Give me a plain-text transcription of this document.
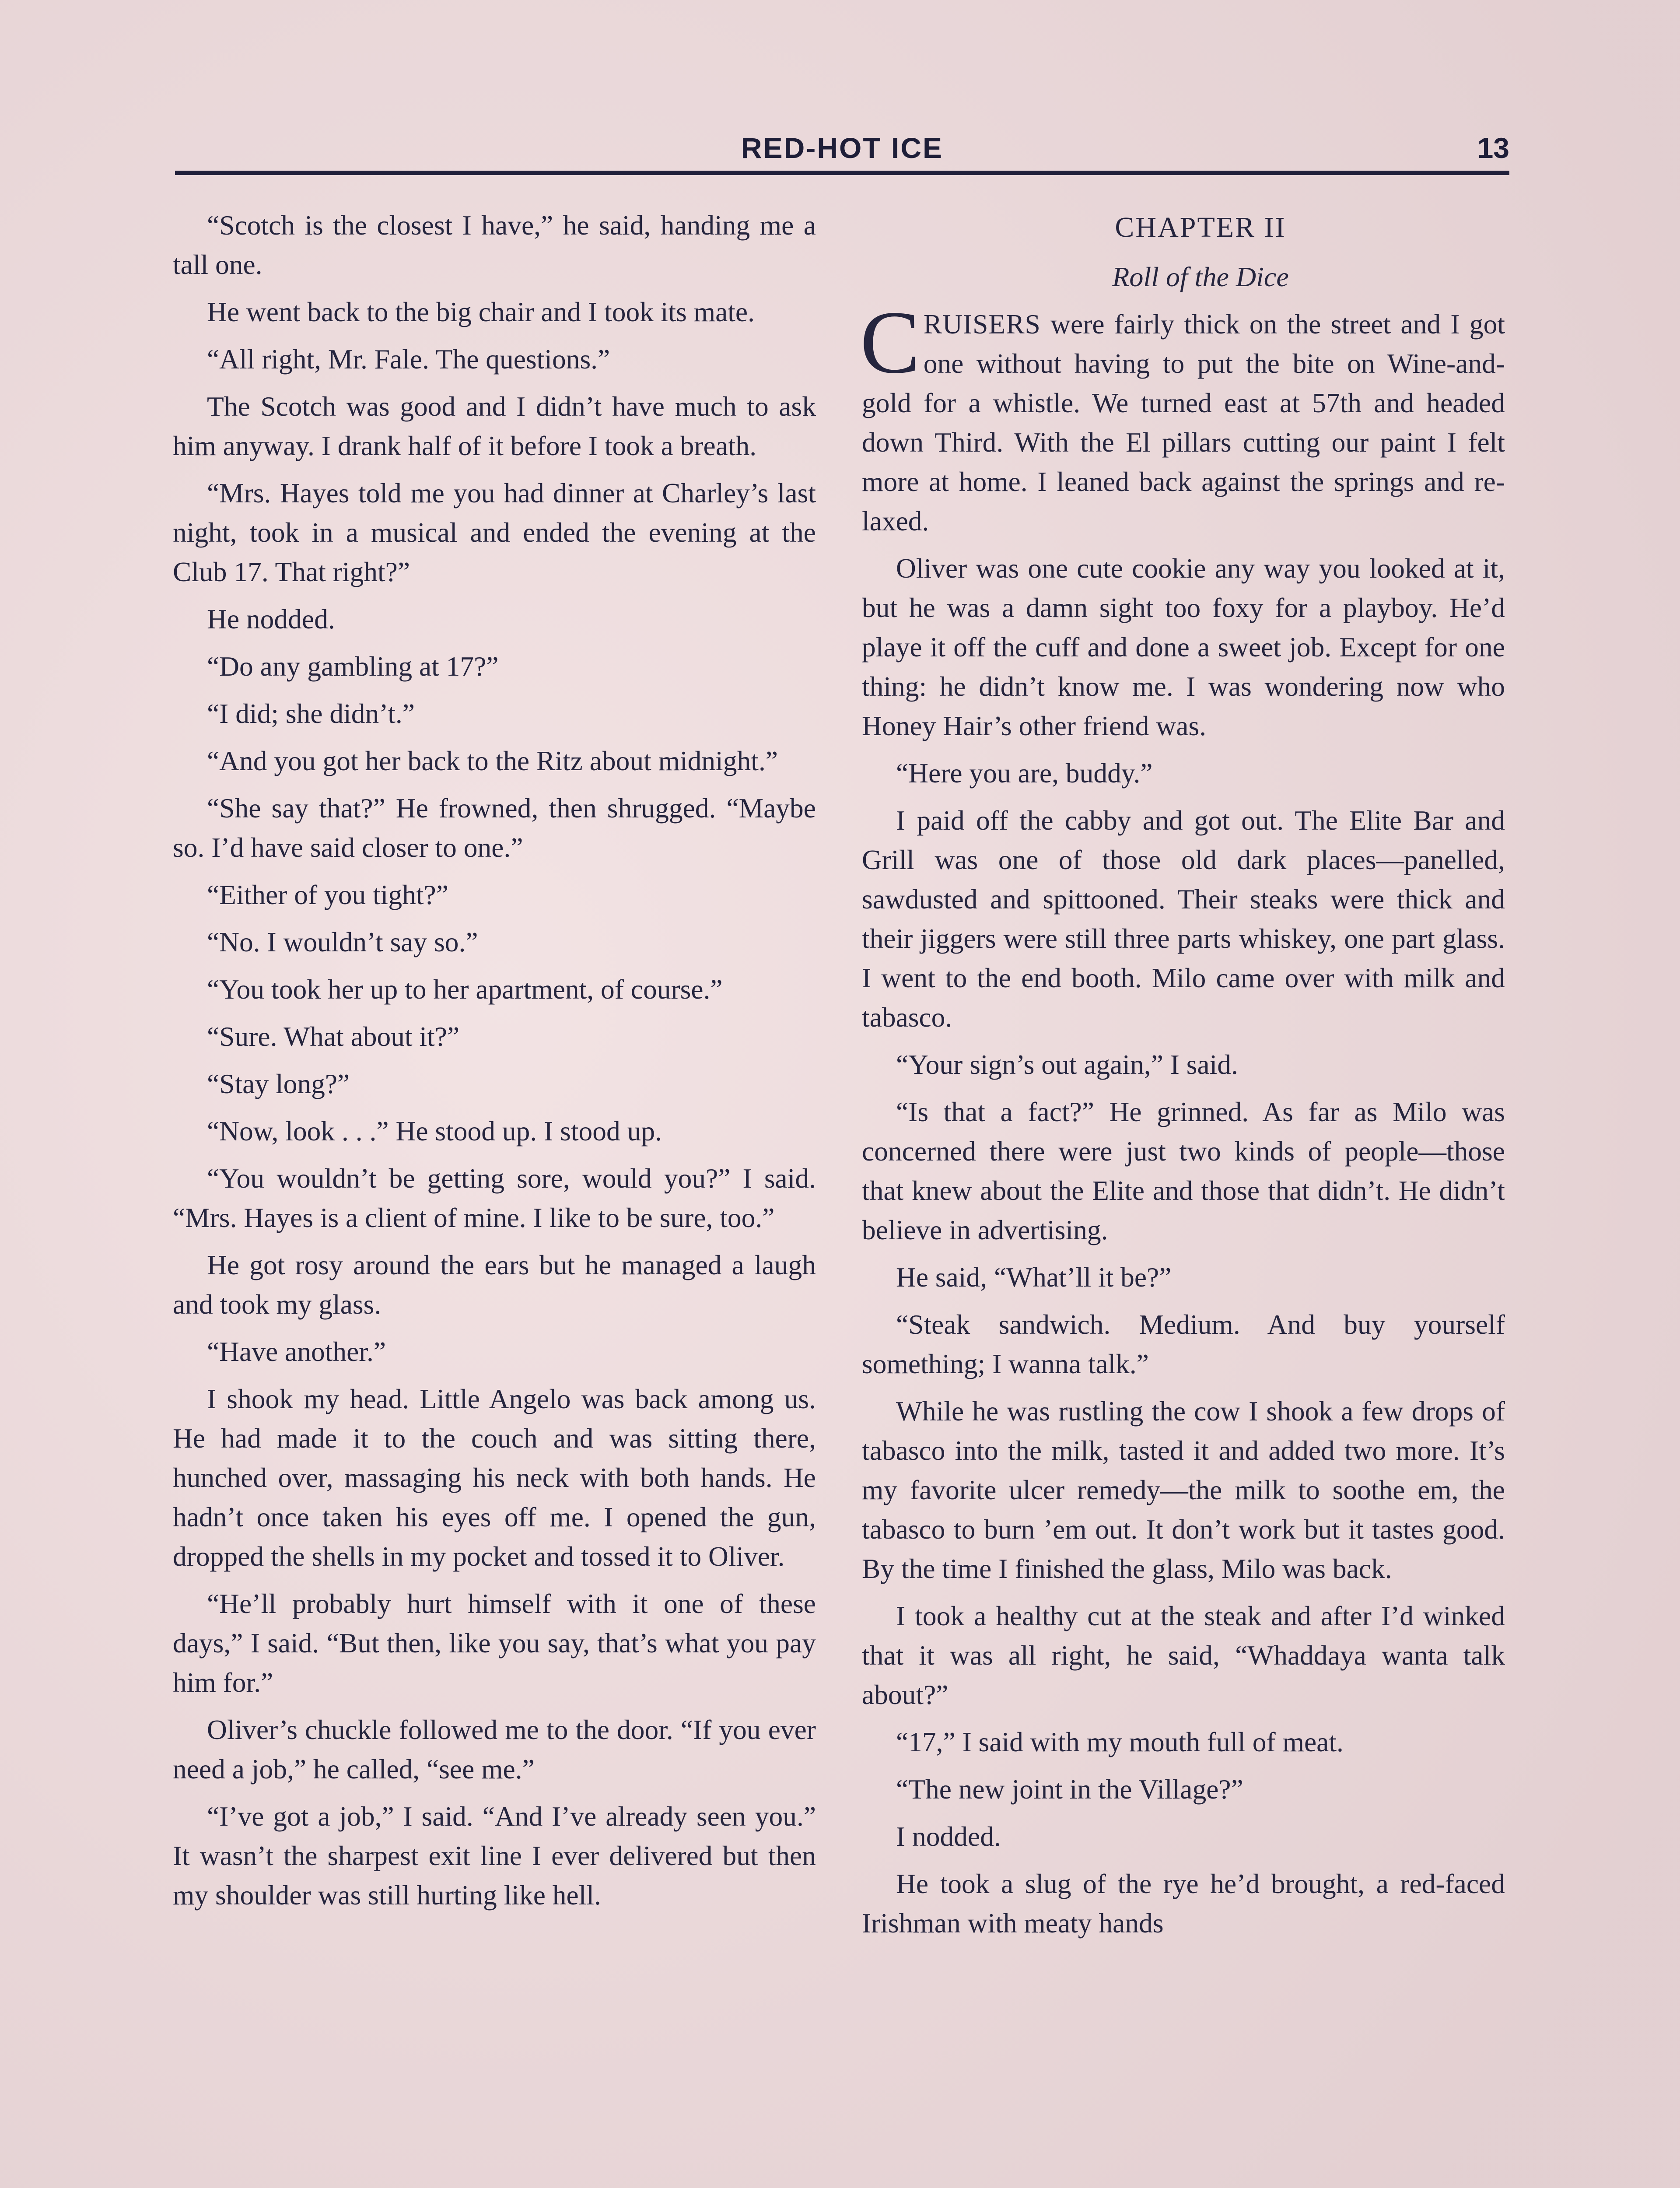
RED-HOT ICE	13

“Scotch is the closest I have,” he said, handing me a tall one.

He went back to the big chair and I took its mate.

“All right, Mr. Fale. The questions.”

The Scotch was good and I didn’t have much to ask him anyway. I drank half of it before I took a breath.

“Mrs. Hayes told me you had dinner at Charley’s last night, took in a musical and ended the evening at the Club 17. That right?”

He nodded.

“Do any gambling at 17?”

“I did; she didn’t.”

“And you got her back to the Ritz about midnight.”

“She say that?” He frowned, then shrugged. “Maybe so. I’d have said closer to one.”

“Either of you tight?”

“No. I wouldn’t say so.”

“You took her up to her apartment, of course.”

“Sure. What about it?”

“Stay long?”

“Now, look . . .” He stood up. I stood up.

“You wouldn’t be getting sore, would you?” I said. “Mrs. Hayes is a client of mine. I like to be sure, too.”

He got rosy around the ears but he managed a laugh and took my glass.

“Have another.”

I shook my head. Little Angelo was back among us. He had made it to the couch and was sitting there, hunched over, massaging his neck with both hands. He hadn’t once taken his eyes off me. I opened the gun, dropped the shells in my pocket and tossed it to Oliver.

“He’ll probably hurt himself with it one of these days,” I said. “But then, like you say, that’s what you pay him for.”

Oliver’s chuckle followed me to the door. “If you ever need a job,” he called, “see me.”

“I’ve got a job,” I said. “And I’ve already seen you.” It wasn’t the sharpest exit line I ever delivered but then my shoulder was still hurting like hell.

CHAPTER II

Roll of the Dice

CRUISERS were fairly thick on the street and I got one without having to put the bite on Wine-and-gold for a whistle. We turned east at 57th and headed down Third. With the El pillars cutting our paint I felt more at home. I leaned back against the springs and relaxed.

Oliver was one cute cookie any way you looked at it, but he was a damn sight too foxy for a playboy. He’d playe it off the cuff and done a sweet job. Except for one thing: he didn’t know me. I was wondering now who Honey Hair’s other friend was.

“Here you are, buddy.”

I paid off the cabby and got out. The Elite Bar and Grill was one of those old dark places—panelled, sawdusted and spittooned. Their steaks were thick and their jiggers were still three parts whiskey, one part glass. I went to the end booth. Milo came over with milk and tabasco.

“Your sign’s out again,” I said.

“Is that a fact?” He grinned. As far as Milo was concerned there were just two kinds of people—those that knew about the Elite and those that didn’t. He didn’t believe in advertising.

He said, “What’ll it be?”

“Steak sandwich. Medium. And buy yourself something; I wanna talk.”

While he was rustling the cow I shook a few drops of tabasco into the milk, tasted it and added two more. It’s my favorite ulcer remedy—the milk to soothe em, the tabasco to burn ’em out. It don’t work but it tastes good. By the time I finished the glass, Milo was back.

I took a healthy cut at the steak and after I’d winked that it was all right, he said, “Whaddaya wanta talk about?”

“17,” I said with my mouth full of meat.

“The new joint in the Village?”

I nodded.

He took a slug of the rye he’d brought, a red-faced Irishman with meaty hands
